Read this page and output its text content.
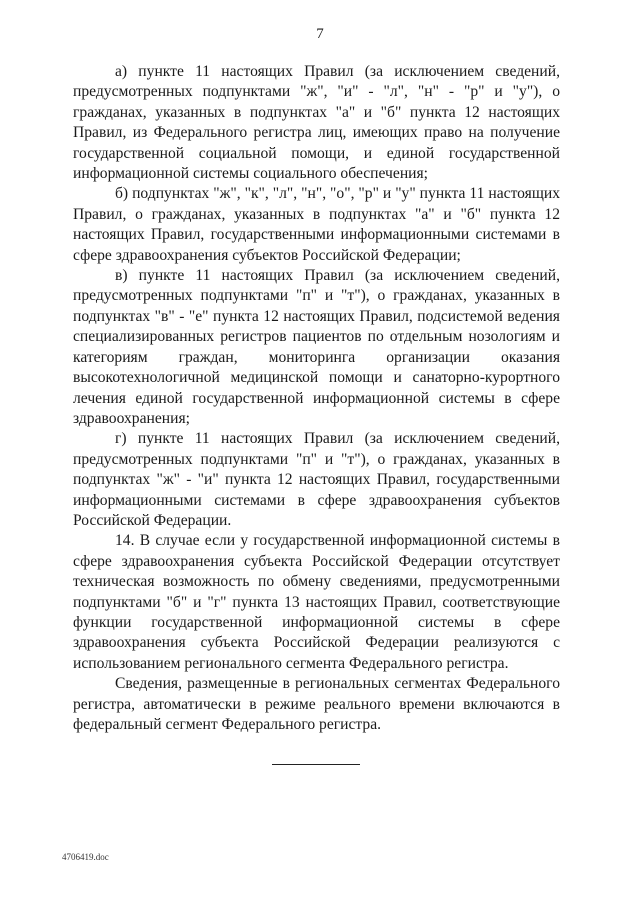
7

а) пункте 11 настоящих Правил (за исключением сведений, предусмотренных подпунктами "ж", "и" - "л", "н" - "р" и "у"), о гражданах, указанных в подпунктах "а" и "б" пункта 12 настоящих Правил, из Федерального регистра лиц, имеющих право на получение государственной социальной помощи, и единой государственной информационной системы социального обеспечения;

б) подпунктах "ж", "к", "л", "н", "о", "р" и "у" пункта 11 настоящих Правил, о гражданах, указанных в подпунктах "а" и "б" пункта 12 настоящих Правил, государственными информационными системами в сфере здравоохранения субъектов Российской Федерации;

в) пункте 11 настоящих Правил (за исключением сведений, предусмотренных подпунктами "п" и "т"), о гражданах, указанных в подпунктах "в" - "е" пункта 12 настоящих Правил, подсистемой ведения специализированных регистров пациентов по отдельным нозологиям и категориям граждан, мониторинга организации оказания высокотехнологичной медицинской помощи и санаторно-курортного лечения единой государственной информационной системы в сфере здравоохранения;

г) пункте 11 настоящих Правил (за исключением сведений, предусмотренных подпунктами "п" и "т"), о гражданах, указанных в подпунктах "ж" - "и" пункта 12 настоящих Правил, государственными информационными системами в сфере здравоохранения субъектов Российской Федерации.

14. В случае если у государственной информационной системы в сфере здравоохранения субъекта Российской Федерации отсутствует техническая возможность по обмену сведениями, предусмотренными подпунктами "б" и "г" пункта 13 настоящих Правил, соответствующие функции государственной информационной системы в сфере здравоохранения субъекта Российской Федерации реализуются с использованием регионального сегмента Федерального регистра.

Сведения, размещенные в региональных сегментах Федерального регистра, автоматически в режиме реального времени включаются в федеральный сегмент Федерального регистра.

4706419.doc
